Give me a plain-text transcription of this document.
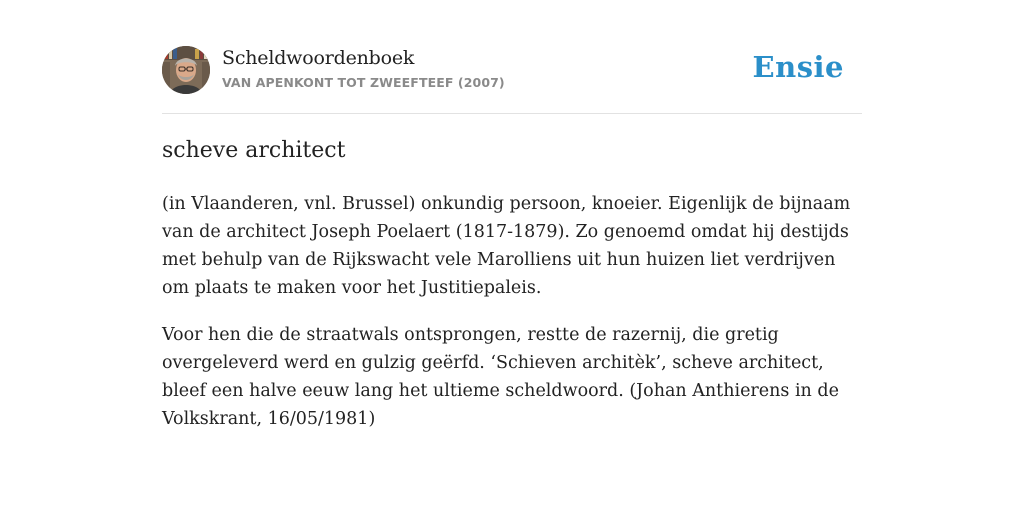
Scheldwoordenboek
VAN APENKONT TOT ZWEEFTEEF (2007)	Ensie
scheve architect

(in Vlaanderen, vnl. Brussel) onkundig persoon, knoeier. Eigenlijk de bijnaam van de architect Joseph Poelaert (1817-1879). Zo genoemd omdat hij destijds met behulp van de Rijkswacht vele Marolliens uit hun huizen liet verdrijven om plaats te maken voor het Justitiepaleis.

Voor hen die de straatwals ontsprongen, restte de razernij, die gretig overgeleverd werd en gulzig geërfd. ‘Schieven architèk’, scheve architect, bleef een halve eeuw lang het ultieme scheldwoord. (Johan Anthierens in de Volkskrant, 16/05/1981)
